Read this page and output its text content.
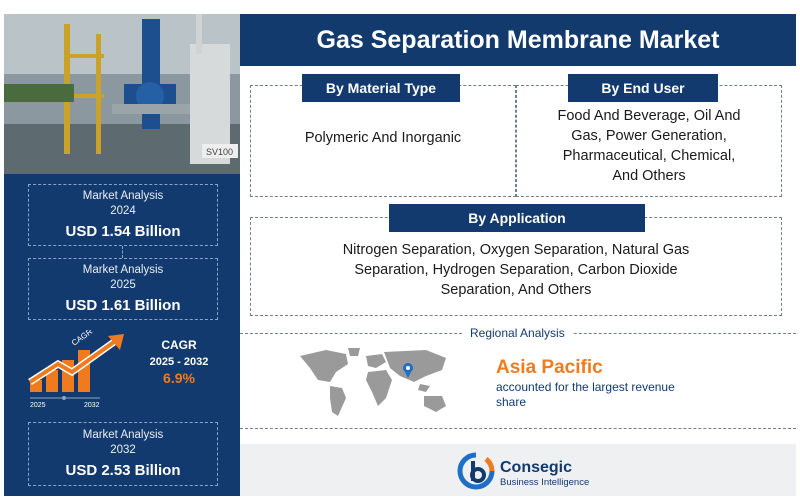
SV100
Market Analysis
2024
USD 1.54 Billion
Market Analysis
2025
USD 1.61 Billion
CAGR
2025	2032
CAGR
2025 - 2032
6.9%
Market Analysis
2032
USD 2.53 Billion
Gas Separation Membrane Market
By Material Type
Polymeric And Inorganic
By End User
Food And Beverage, Oil And
Gas, Power Generation,
Pharmaceutical, Chemical,
And Others
By Application
Nitrogen Separation, Oxygen Separation, Natural Gas
Separation, Hydrogen Separation, Carbon Dioxide
Separation, And Others
Regional Analysis
Asia Pacific
accounted for the largest revenue
share
Consegic
Business Intelligence
